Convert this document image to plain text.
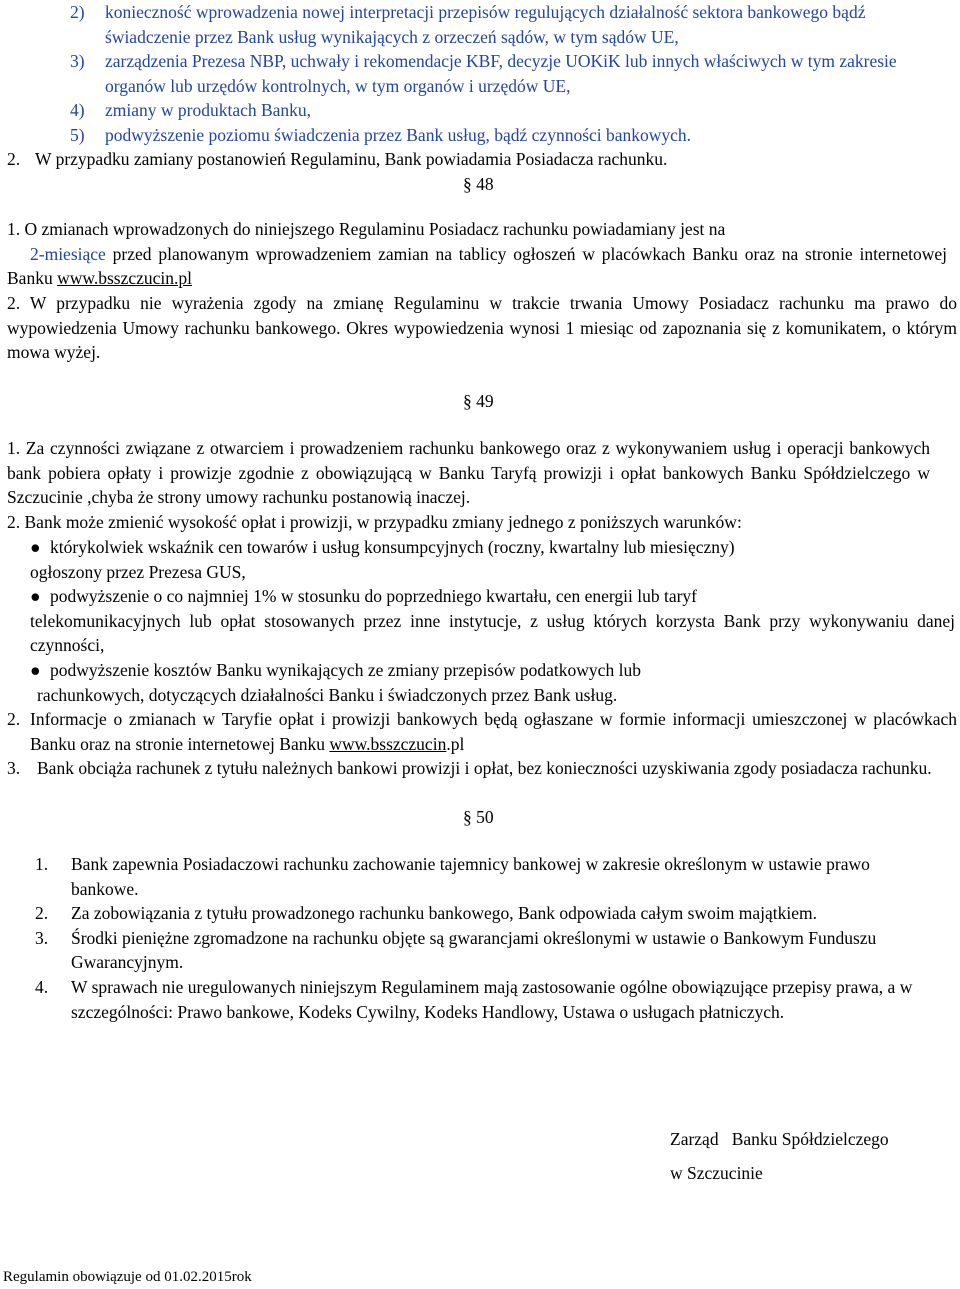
2)	konieczność wprowadzenia nowej interpretacji przepisów regulujących działalność sektora bankowego bądź świadczenie przez Bank usług wynikających z orzeczeń sądów, w tym sądów UE,
3)	zarządzenia Prezesa NBP, uchwały i rekomendacje KBF, decyzje UOKiK lub innych właściwych w tym zakresie organów lub urzędów kontrolnych, w tym organów i urzędów UE,
4)	zmiany w produktach Banku,
5)	podwyższenie poziomu świadczenia przez Bank usług, bądź czynności bankowych.
2. W przypadku zamiany postanowień Regulaminu, Bank powiadamia Posiadacza rachunku.
§ 48
1. O zmianach wprowadzonych do niniejszego Regulaminu Posiadacz rachunku powiadamiany jest na
2-miesiące przed planowanym wprowadzeniem zamian na tablicy ogłoszeń w placówkach Banku oraz na stronie internetowej Banku www.bsszczucin.pl
2. W przypadku nie wyrażenia zgody na zmianę Regulaminu w trakcie trwania Umowy Posiadacz rachunku ma prawo do wypowiedzenia Umowy rachunku bankowego. Okres wypowiedzenia wynosi 1 miesiąc od zapoznania się z komunikatem, o którym mowa wyżej.
§ 49
1. Za czynności związane z otwarciem i prowadzeniem rachunku bankowego oraz z wykonywaniem usług i operacji bankowych bank pobiera opłaty i prowizje zgodnie z obowiązującą w Banku Taryfą prowizji i opłat bankowych Banku Spółdzielczego w Szczucinie ,chyba że strony umowy rachunku postanowią inaczej.
2. Bank może zmienić wysokość opłat i prowizji, w przypadku zmiany jednego z poniższych warunków:
● którykolwiek wskaźnik cen towarów i usług konsumpcyjnych (roczny, kwartalny lub miesięczny)
ogłoszony przez Prezesa GUS,
● podwyższenie o co najmniej 1% w stosunku do poprzedniego kwartału, cen energii lub taryf
telekomunikacyjnych lub opłat stosowanych przez inne instytucje, z usług których korzysta Bank przy wykonywaniu danej czynności,
● podwyższenie kosztów Banku wynikających ze zmiany przepisów podatkowych lub
rachunkowych, dotyczących działalności Banku i świadczonych przez Bank usług.
2. Informacje o zmianach w Taryfie opłat i prowizji bankowych będą ogłaszane w formie informacji umieszczonej w placówkach Banku oraz na stronie internetowej Banku www.bsszczucin.pl
3. Bank obciąża rachunek z tytułu należnych bankowi prowizji i opłat, bez konieczności uzyskiwania zgody posiadacza rachunku.
§ 50
1.	Bank zapewnia Posiadaczowi rachunku zachowanie tajemnicy bankowej w zakresie określonym w ustawie prawo bankowe.
2.	Za zobowiązania z tytułu prowadzonego rachunku bankowego, Bank odpowiada całym swoim majątkiem.
3.	Środki pieniężne zgromadzone na rachunku objęte są gwarancjami określonymi w ustawie o Bankowym Funduszu Gwarancyjnym.
4.	W sprawach nie uregulowanych niniejszym Regulaminem mają zastosowanie ogólne obowiązujące przepisy prawa, a w szczególności: Prawo bankowe, Kodeks Cywilny, Kodeks Handlowy, Ustawa o usługach płatniczych.
Zarząd   Banku Spółdzielczego
w Szczucinie
Regulamin obowiązuje od 01.02.2015rok
